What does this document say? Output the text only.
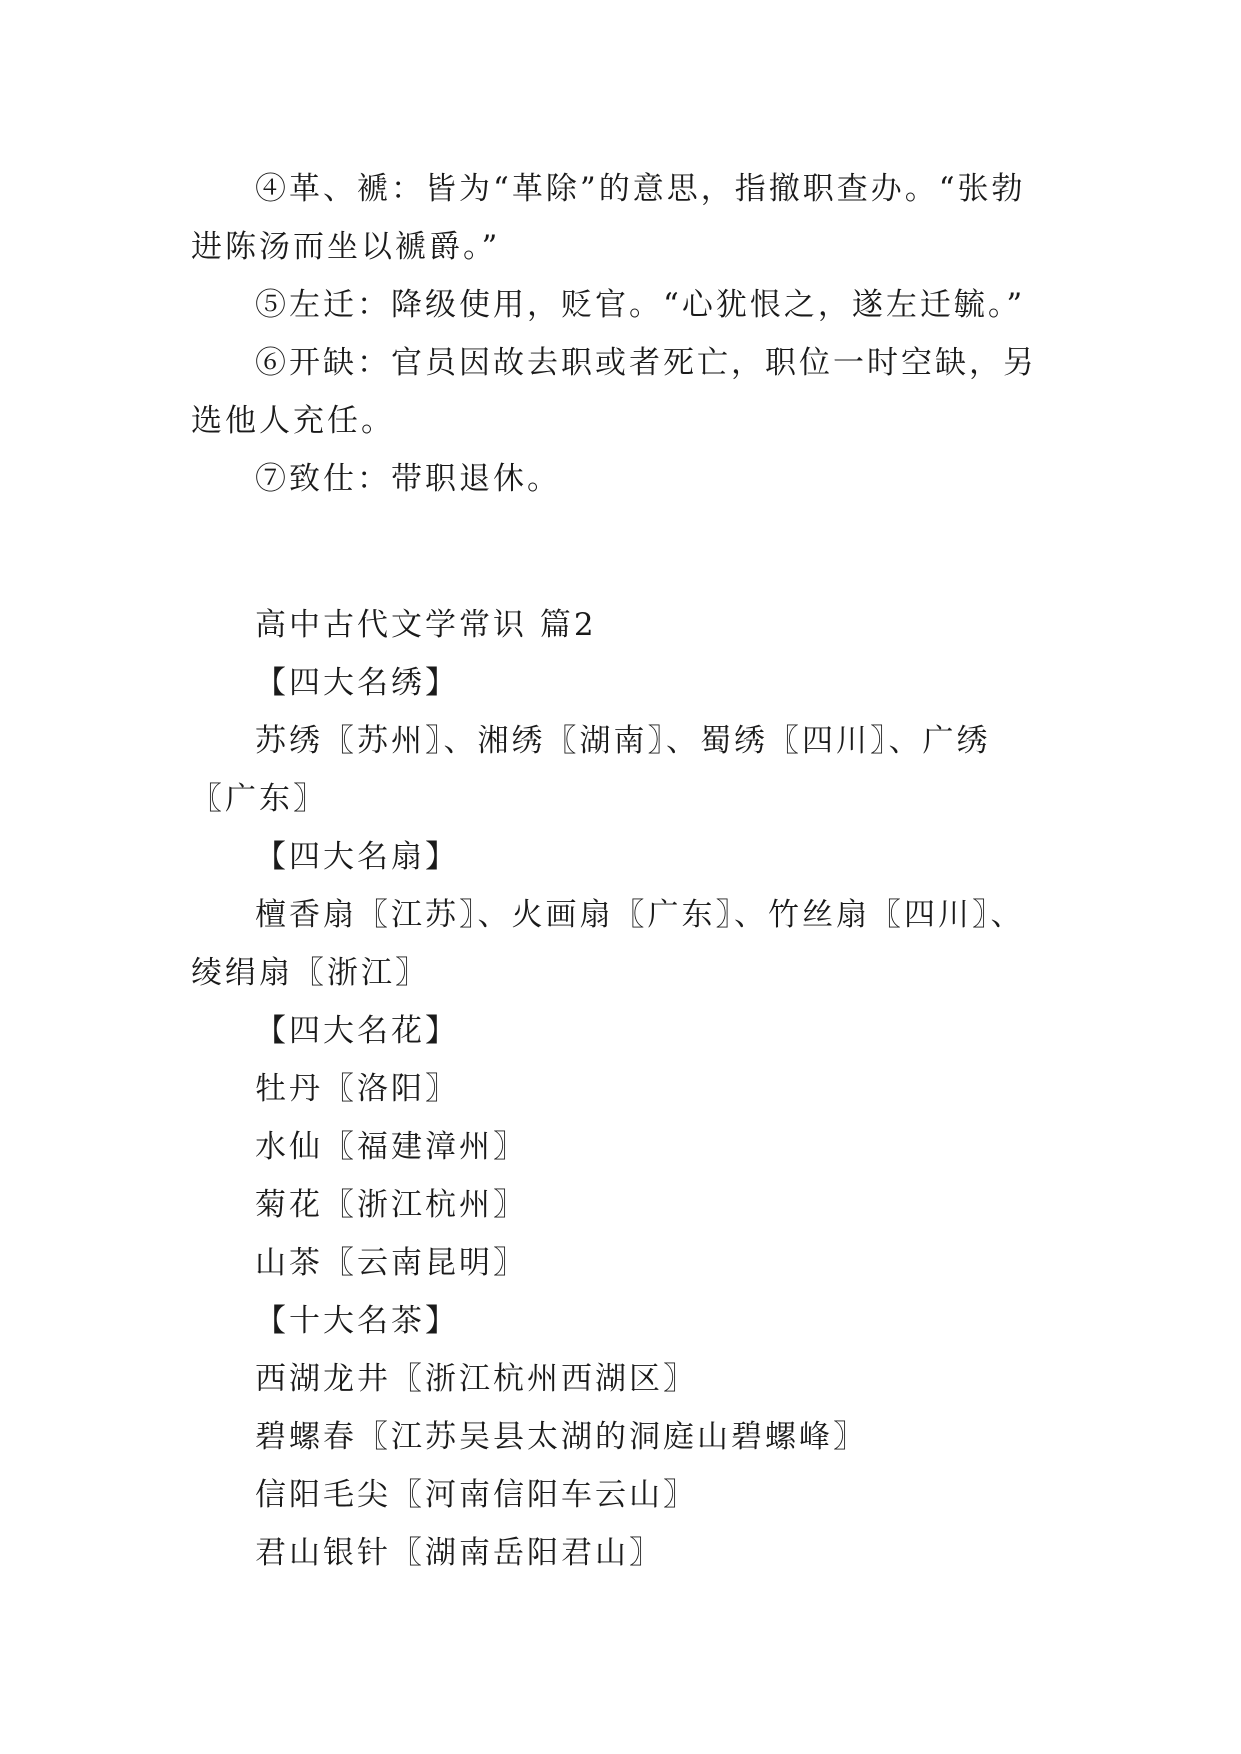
④革、褫：皆为“革除”的意思，指撤职查办。“张勃进陈汤而坐以褫爵。”

⑤左迁：降级使用，贬官。“心犹恨之，遂左迁毓。”

⑥开缺：官员因故去职或者死亡，职位一时空缺，另选他人充任。

⑦致仕：带职退休。

高中古代文学常识 篇2

【四大名绣】

苏绣〖苏州〗、湘绣〖湖南〗、蜀绣〖四川〗、广绣〖广东〗

【四大名扇】

檀香扇〖江苏〗、火画扇〖广东〗、竹丝扇〖四川〗、绫绢扇〖浙江〗

【四大名花】

牡丹〖洛阳〗

水仙〖福建漳州〗

菊花〖浙江杭州〗

山茶〖云南昆明〗

【十大名茶】

西湖龙井〖浙江杭州西湖区〗

碧螺春〖江苏吴县太湖的洞庭山碧螺峰〗

信阳毛尖〖河南信阳车云山〗

君山银针〖湖南岳阳君山〗
